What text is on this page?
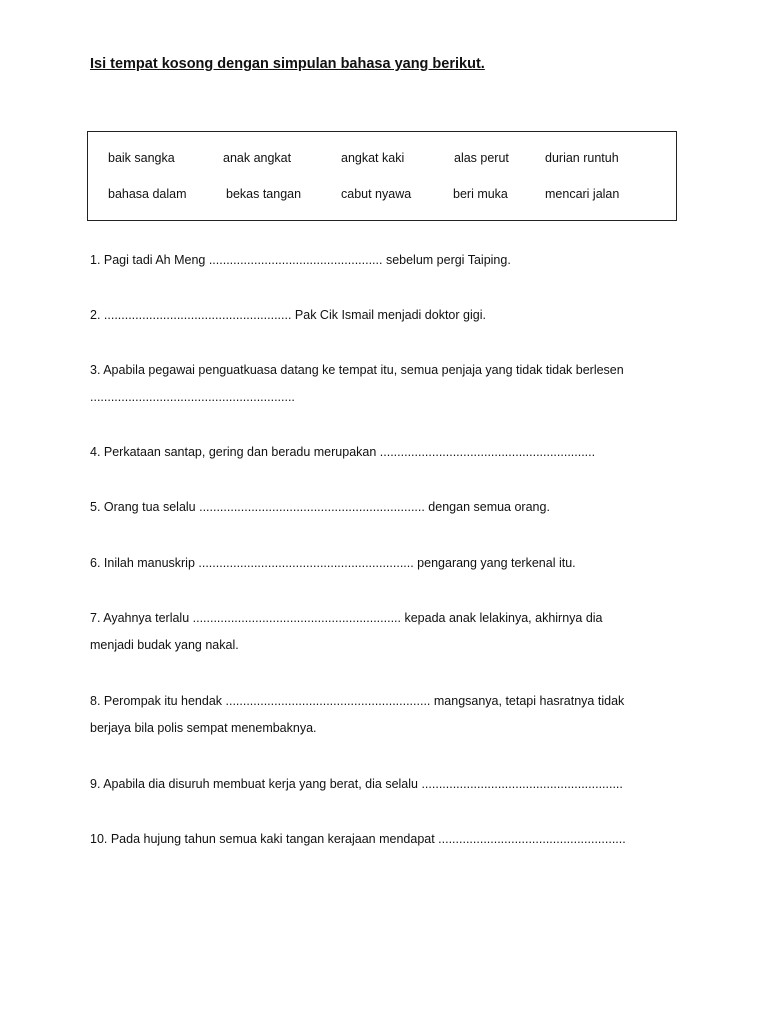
Isi tempat kosong dengan simpulan bahasa yang berikut.
baik sangka	anak angkat	angkat kaki	alas perut	durian runtuh
bahasa dalam	bekas tangan	cabut nyawa	beri muka	mencari jalan
1. Pagi tadi Ah Meng .................................................. sebelum pergi Taiping.
2. ...................................................... Pak Cik Ismail menjadi doktor gigi.
3. Apabila pegawai penguatkuasa datang ke tempat itu, semua penjaja yang tidak tidak berlesen
...........................................................
4. Perkataan santap, gering dan beradu merupakan ..............................................................
5. Orang tua selalu ................................................................. dengan semua orang.
6. Inilah manuskrip .............................................................. pengarang yang terkenal itu.
7. Ayahnya terlalu ............................................................ kepada anak lelakinya, akhirnya dia
menjadi budak yang nakal.
8. Perompak itu hendak ........................................................... mangsanya, tetapi hasratnya tidak
berjaya bila polis sempat menembaknya.
9. Apabila dia disuruh membuat kerja yang berat, dia selalu ..........................................................
10. Pada hujung tahun semua kaki tangan kerajaan mendapat ......................................................
